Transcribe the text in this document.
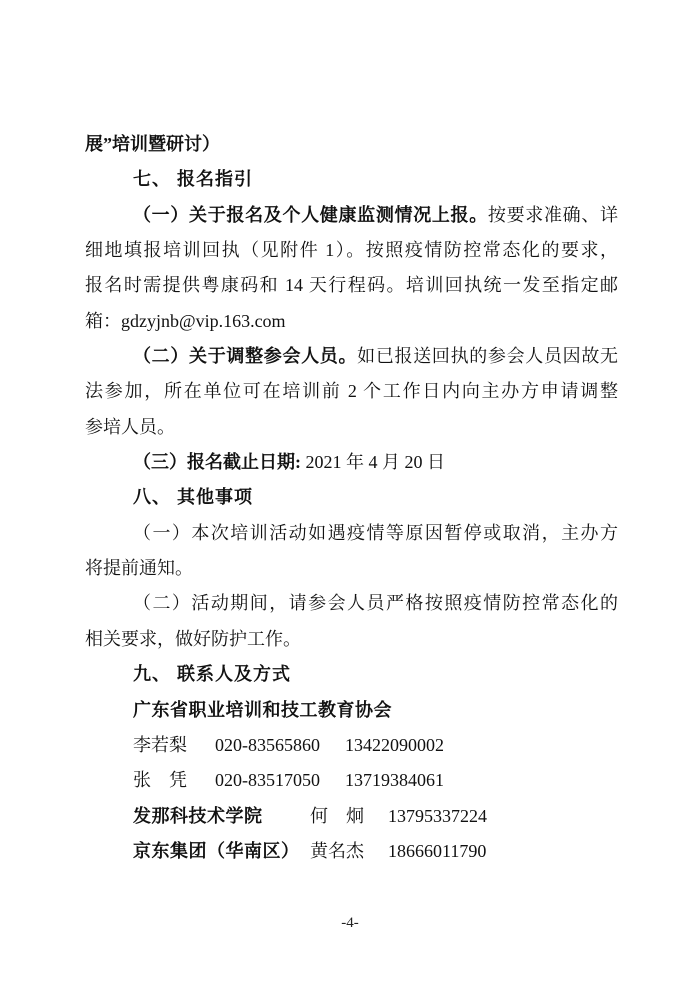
展”培训暨研讨）
七、 报名指引
（一）关于报名及个人健康监测情况上报。按要求准确、详
细地填报培训回执（见附件 1）。按照疫情防控常态化的要求，
报名时需提供粤康码和 14 天行程码。培训回执统一发至指定邮
箱：gdzyjnb@vip.163.com
（二）关于调整参会人员。如已报送回执的参会人员因故无
法参加，所在单位可在培训前 2 个工作日内向主办方申请调整
参培人员。
（三）报名截止日期: 2021 年 4 月 20 日
八、 其他事项
（一）本次培训活动如遇疫情等原因暂停或取消，主办方
将提前通知。
（二）活动期间，请参会人员严格按照疫情防控常态化的
相关要求，做好防护工作。
九、 联系人及方式
广东省职业培训和技工教育协会
李若梨	020-83565860	13422090002
张　凭	020-83517050	13719384061
发那科技术学院	何　炯	13795337224
京东集团（华南区） 黄名杰	18666011790
-4-
